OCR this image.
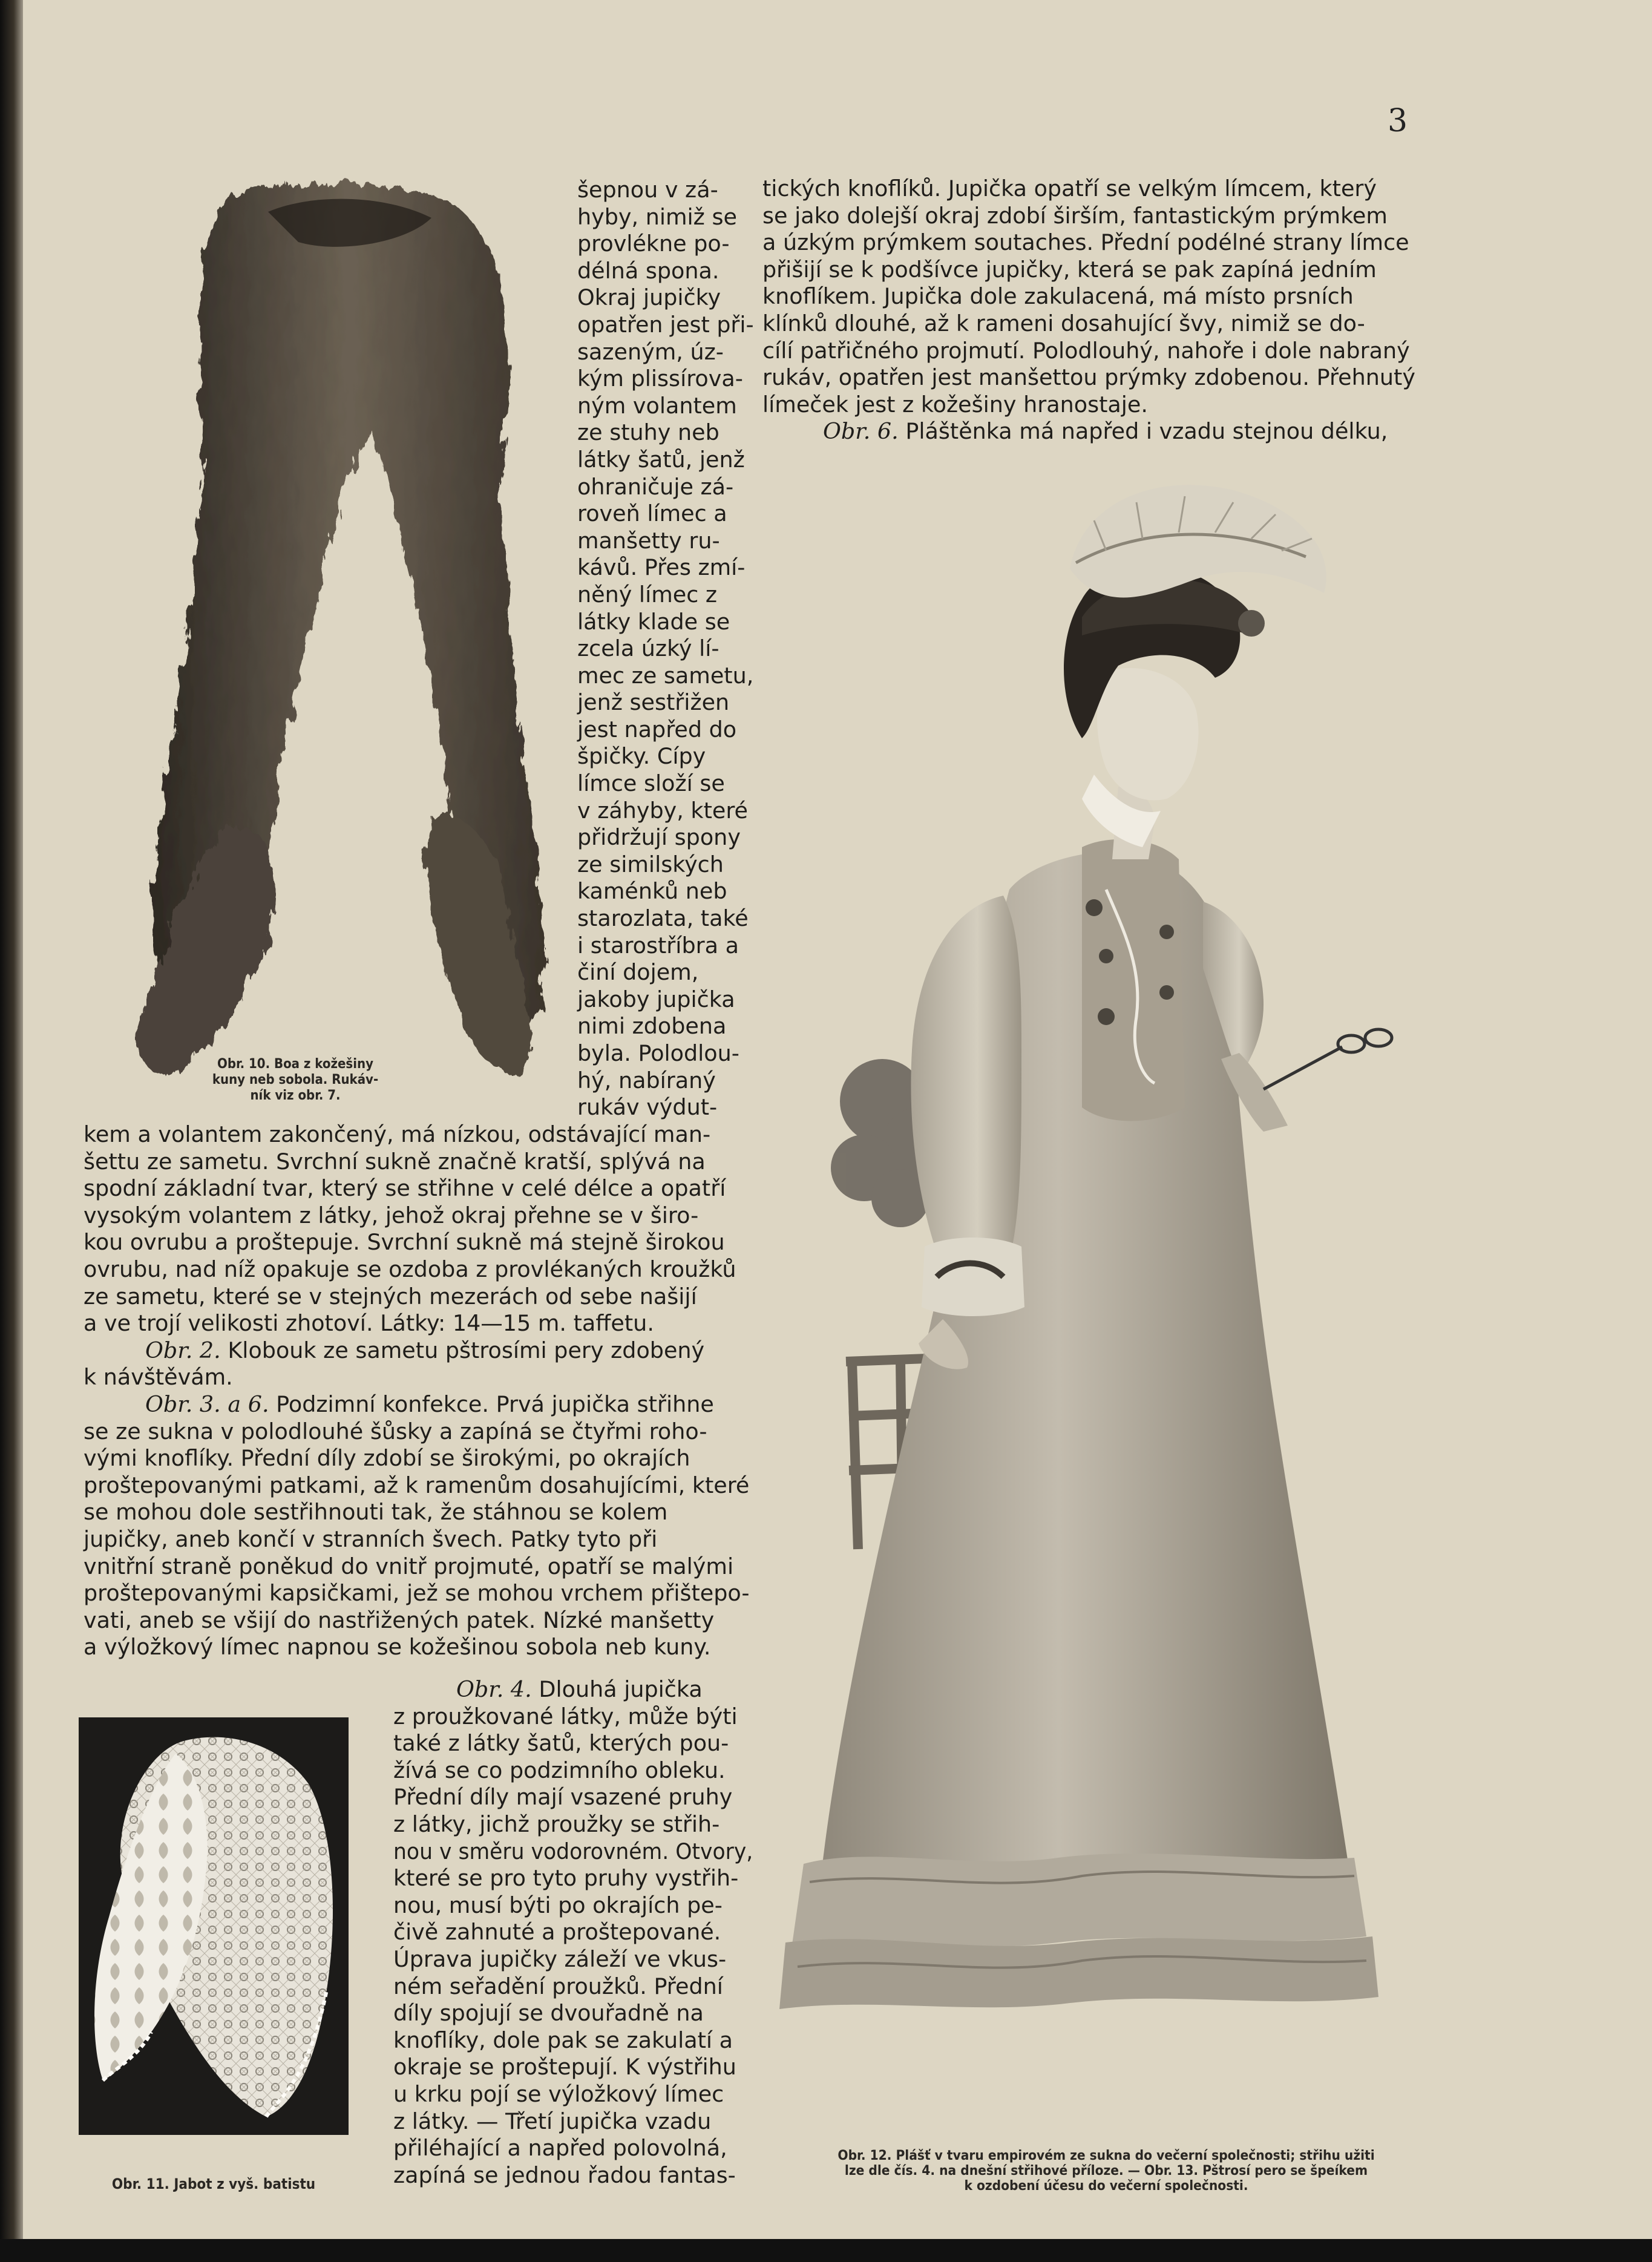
3

Obr. 10. Boa z kožešiny
kuny neb sobola. Rukáv-
ník viz obr. 7.

šepnou v zá-
hyby, nimiž se
provlékne po-
délná spona.
Okraj jupičky
opatřen jest při-
sazeným, úz-
kým plissírova-
ným volantem
ze stuhy neb
látky šatů, jenž
ohraničuje zá-
roveň límec a
manšetty ru-
kávů. Přes zmí-
něný límec z
látky klade se
zcela úzký lí-
mec ze sametu,
jenž sestřižen
jest napřed do
špičky. Cípy
límce složí se
v záhyby, které
přidržují spony
ze similských
kaménků neb
starozlata, také
i starostříbra a
činí dojem,
jakoby jupička
nimi zdobena
byla. Polodlou-
hý, nabíraný
rukáv výdut-
kem a volantem zakončený, má nízkou, odstávající man-
šettu ze sametu. Svrchní sukně značně kratší, splývá na
spodní základní tvar, který se střihne v celé délce a opatří
vysokým volantem z látky, jehož okraj přehne se v širo-
kou ovrubu a proštepuje. Svrchní sukně má stejně širokou
ovrubu, nad níž opakuje se ozdoba z provlékaných kroužků
ze sametu, které se v stejných mezerách od sebe našijí
a ve trojí velikosti zhotoví. Látky: 14—15 m. taffetu.
Obr. 2. Klobouk ze sametu pštrosími pery zdobený
k návštěvám.
Obr. 3. a 6. Podzimní konfekce. Prvá jupička střihne
se ze sukna v polodlouhé šůsky a zapíná se čtyřmi roho-
vými knoflíky. Přední díly zdobí se širokými, po okrajích
proštepovanými patkami, až k ramenům dosahujícími, které
se mohou dole sestřihnouti tak, že stáhnou se kolem
jupičky, aneb končí v stranních švech. Patky tyto při
vnitřní straně poněkud do vnitř projmuté, opatří se malými
proštepovanými kapsičkami, jež se mohou vrchem přištepo-
vati, aneb se všijí do nastřižených patek. Nízké manšetty
a výložkový límec napnou se kožešinou sobola neb kuny.

Obr. 11. Jabot z vyš. batistu

Obr. 4. Dlouhá jupička
z proužkované látky, může býti
také z látky šatů, kterých pou-
žívá se co podzimního obleku.
Přední díly mají vsazené pruhy
z látky, jichž proužky se střih-
nou v směru vodorovném. Otvory,
které se pro tyto pruhy vystřih-
nou, musí býti po okrajích pe-
čivě zahnuté a proštepované.
Úprava jupičky záleží ve vkus-
ném seřadění proužků. Přední
díly spojují se dvouřadně na
knoflíky, dole pak se zakulatí a
okraje se proštepují. K výstřihu
u krku pojí se výložkový límec
z látky. — Třetí jupička vzadu
přiléhající a napřed polovolná,
zapíná se jednou řadou fantas-
tických knoflíků. Jupička opatří se velkým límcem, který
se jako dolejší okraj zdobí širším, fantastickým prýmkem
a úzkým prýmkem soutaches. Přední podélné strany límce
přišijí se k podšívce jupičky, která se pak zapíná jedním
knoflíkem. Jupička dole zakulacená, má místo prsních
klínků dlouhé, až k rameni dosahující švy, nimiž se do-
cílí patřičného projmutí. Polodlouhý, nahoře i dole nabraný
rukáv, opatřen jest manšettou prýmky zdobenou. Přehnutý
límeček jest z kožešiny hranostaje.
Obr. 6. Pláštěnka má napřed i vzadu stejnou délku,

Obr. 12. Plášť v tvaru empirovém ze sukna do večerní společnosti; střihu užiti
lze dle čís. 4. na dnešní střihové příloze. — Obr. 13. Pštrosí pero se špeíkem
k ozdobení účesu do večerní společnosti.
